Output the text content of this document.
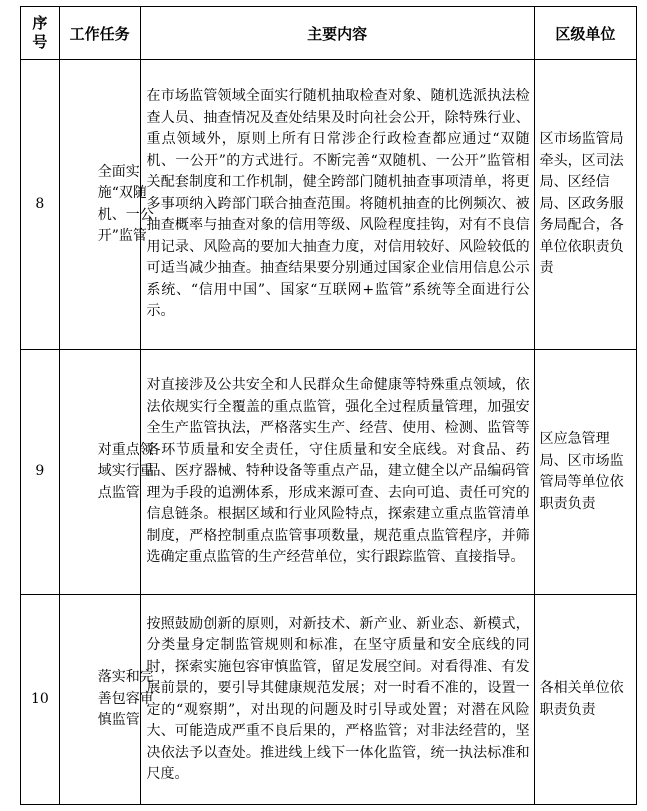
序
号	工作任务	主要内容	区级单位
8	全面实施“双随机、一公开”监管	在市场监管领域全面实行随机抽取检查对象、随机选派执法检查人员、抽查情况及查处结果及时向社会公开，除特殊行业、重点领域外，原则上所有日常涉企行政检查都应通过“双随机、一公开”的方式进行。不断完善“双随机、一公开”监管相关配套制度和工作机制，健全跨部门随机抽查事项清单，将更多事项纳入跨部门联合抽查范围。将随机抽查的比例频次、被抽查概率与抽查对象的信用等级、风险程度挂钩，对有不良信用记录、风险高的要加大抽查力度，对信用较好、风险较低的可适当减少抽查。抽查结果要分别通过国家企业信用信息公示系统、“信用中国”、国家“互联网+监管”系统等全面进行公示。	区市场监管局牵头，区司法局、区经信局、区政务服务局配合，各单位依职责负责
9	对重点领域实行重点监管	对直接涉及公共安全和人民群众生命健康等特殊重点领域，依法依规实行全覆盖的重点监管，强化全过程质量管理，加强安全生产监管执法，严格落实生产、经营、使用、检测、监管等各环节质量和安全责任，守住质量和安全底线。对食品、药品、医疗器械、特种设备等重点产品，建立健全以产品编码管理为手段的追溯体系，形成来源可查、去向可追、责任可究的信息链条。根据区域和行业风险特点，探索建立重点监管清单制度，严格控制重点监管事项数量，规范重点监管程序，并筛选确定重点监管的生产经营单位，实行跟踪监管、直接指导。	区应急管理局、区市场监管局等单位依职责负责
10	落实和完善包容审慎监管	按照鼓励创新的原则，对新技术、新产业、新业态、新模式，分类量身定制监管规则和标准，在坚守质量和安全底线的同时，探索实施包容审慎监管，留足发展空间。对看得准、有发展前景的，要引导其健康规范发展；对一时看不准的，设置一定的“观察期”，对出现的问题及时引导或处置；对潜在风险大、可能造成严重不良后果的，严格监管；对非法经营的，坚决依法予以查处。推进线上线下一体化监管，统一执法标准和尺度。	各相关单位依职责负责
